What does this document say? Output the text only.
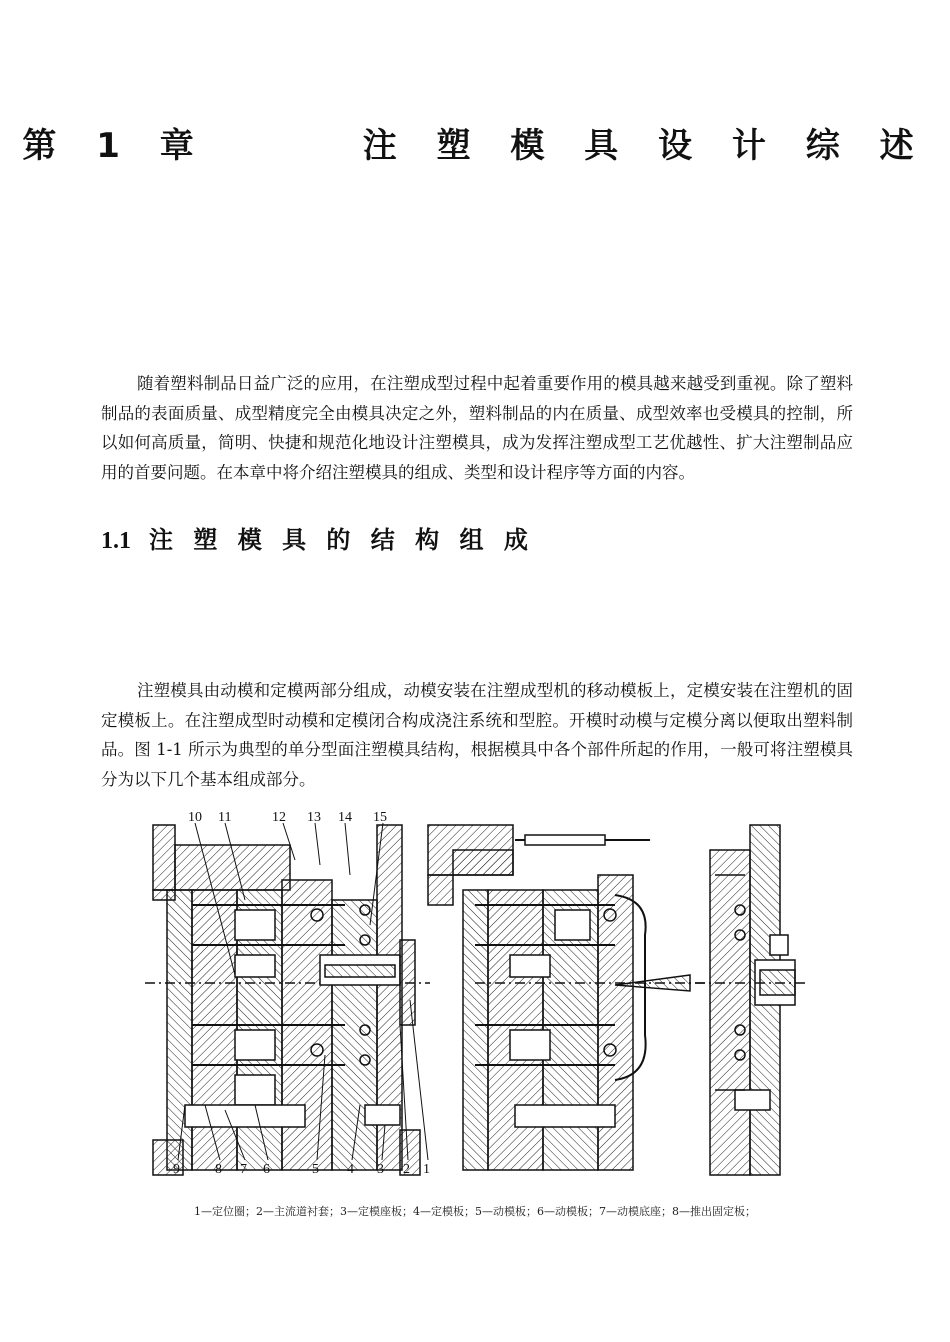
第 1 章      注 塑 模 具 设 计 综 述
随着塑料制品日益广泛的应用，在注塑成型过程中起着重要作用的模具越来越受到重视。除了塑料制品的表面质量、成型精度完全由模具决定之外，塑料制品的内在质量、成型效率也受模具的控制，所以如何高质量，简明、快捷和规范化地设计注塑模具，成为发挥注塑成型工艺优越性、扩大注塑制品应用的首要问题。在本章中将介绍注塑模具的组成、类型和设计程序等方面的内容。
1.1 注 塑 模 具 的 结 构 组 成
注塑模具由动模和定模两部分组成，动模安装在注塑成型机的移动模板上，定模安装在注塑机的固定模板上。在注塑成型时动模和定模闭合构成浇注系统和型腔。开模时动模与定模分离以便取出塑料制品。图 1-1 所示为典型的单分型面注塑模具结构，根据模具中各个部件所起的作用，一般可将注塑模具分为以下几个基本组成部分。
10 11	12 13 14 15
9	8 7 6	5 4 3 2 1
1—定位圈；2—主流道衬套；3—定模座板；4—定模板；5—动模板；6—动模板；7—动模底座；8—推出固定板；
